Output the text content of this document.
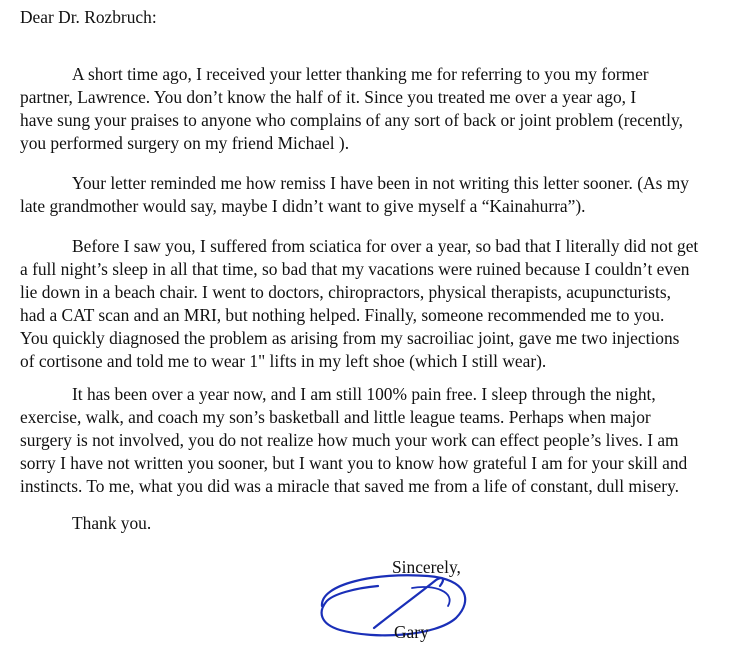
Dear Dr. Rozbruch:
A short time ago, I received your letter thanking me for referring to you my former
partner, Lawrence. You don’t know the half of it. Since you treated me over a year ago, I
have sung your praises to anyone who complains of any sort of back or joint problem (recently,
you performed surgery on my friend Michael ).
Your letter reminded me how remiss I have been in not writing this letter sooner. (As my
late grandmother would say, maybe I didn’t want to give myself a “Kainahurra”).
Before I saw you, I suffered from sciatica for over a year, so bad that I literally did not get
a full night’s sleep in all that time, so bad that my vacations were ruined because I couldn’t even
lie down in a beach chair. I went to doctors, chiropractors, physical therapists, acupuncturists,
had a CAT scan and an MRI, but nothing helped. Finally, someone recommended me to you.
You quickly diagnosed the problem as arising from my sacroiliac joint, gave me two injections
of cortisone and told me to wear 1" lifts in my left shoe (which I still wear).
It has been over a year now, and I am still 100% pain free. I sleep through the night,
exercise, walk, and coach my son’s basketball and little league teams. Perhaps when major
surgery is not involved, you do not realize how much your work can effect people’s lives. I am
sorry I have not written you sooner, but I want you to know how grateful I am for your skill and
instincts. To me, what you did was a miracle that saved me from a life of constant, dull misery.
Thank you.
Sincerely,
Gary
